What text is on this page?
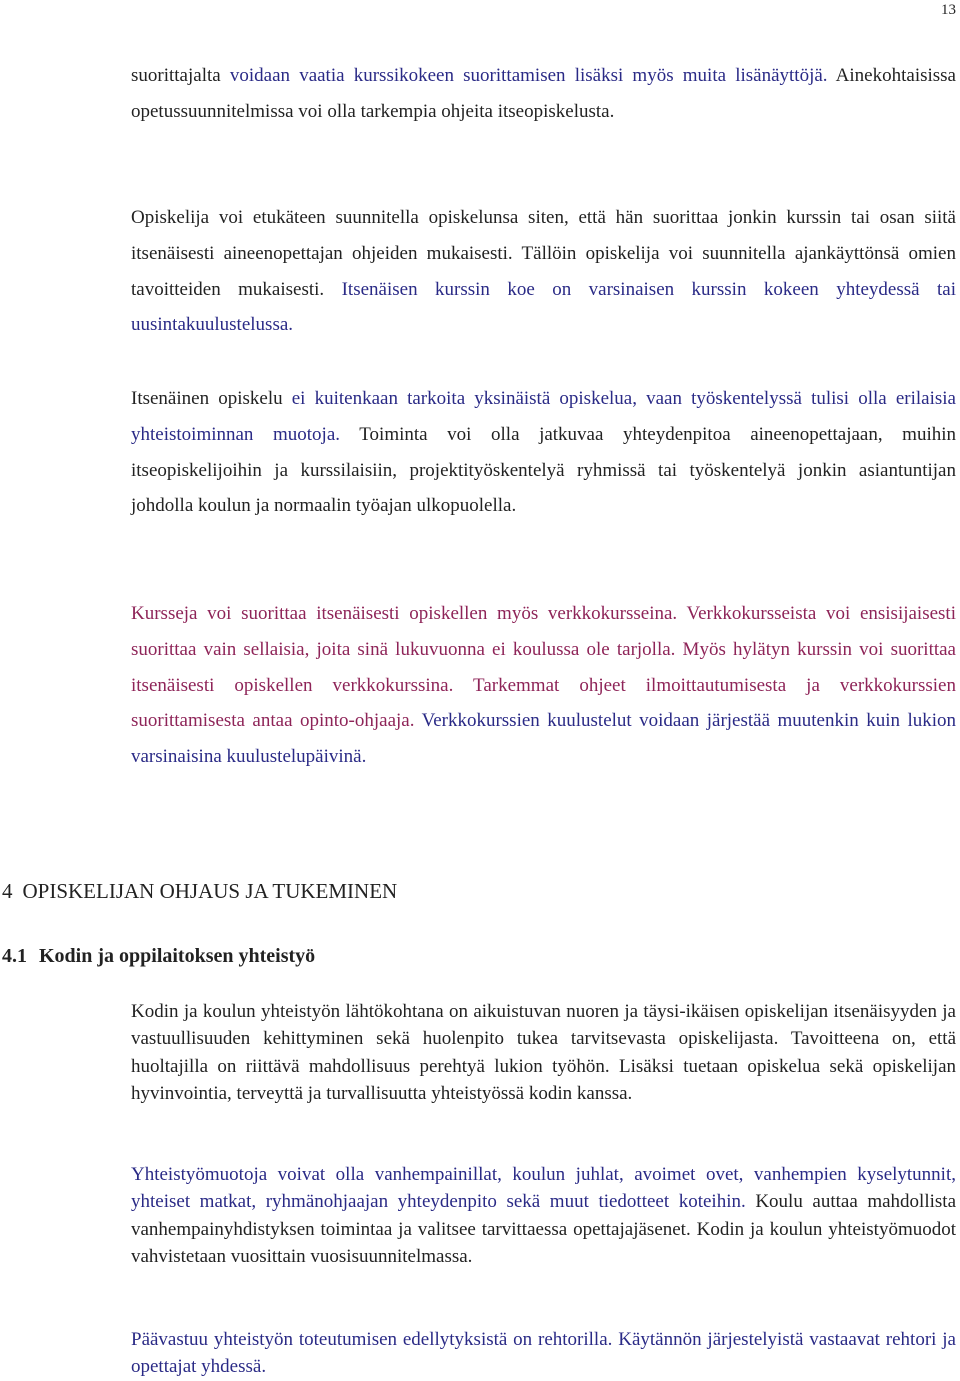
13

suorittajalta voidaan vaatia kurssikokeen suorittamisen lisäksi myös muita lisänäyttöjä. Ainekohtaisissa opetussuunnitelmissa voi olla tarkempia ohjeita itseopiskelusta.

Opiskelija voi etukäteen suunnitella opiskelunsa siten, että hän suorittaa jonkin kurssin tai osan siitä itsenäisesti aineenopettajan ohjeiden mukaisesti. Tällöin opiskelija voi suunnitella ajankäyttönsä omien tavoitteiden mukaisesti. Itsenäisen kurssin koe on varsinaisen kurssin kokeen yhteydessä tai uusintakuulustelussa.

Itsenäinen opiskelu ei kuitenkaan tarkoita yksinäistä opiskelua, vaan työskentelyssä tulisi olla erilaisia yhteistoiminnan muotoja. Toiminta voi olla jatkuvaa yhteydenpitoa aineenopettajaan, muihin itseopiskelijoihin ja kurssilaisiin, projektityöskentelyä ryhmissä tai työskentelyä jonkin asiantuntijan johdolla koulun ja normaalin työajan ulkopuolella.

Kursseja voi suorittaa itsenäisesti opiskellen myös verkkokursseina. Verkkokursseista voi ensisijaisesti suorittaa vain sellaisia, joita sinä lukuvuonna ei koulussa ole tarjolla. Myös hylätyn kurssin voi suorittaa itsenäisesti opiskellen verkkokurssina. Tarkemmat ohjeet ilmoittautumisesta ja verkkokurssien suorittamisesta antaa opinto-ohjaaja. Verkkokurssien kuulustelut voidaan järjestää muutenkin kuin lukion varsinaisina kuulustelupäivinä.

4 OPISKELIJAN OHJAUS JA TUKEMINEN
4.1 Kodin ja oppilaitoksen yhteistyö

Kodin ja koulun yhteistyön lähtökohtana on aikuistuvan nuoren ja täysi-ikäisen opiskelijan itsenäisyyden ja vastuullisuuden kehittyminen sekä huolenpito tukea tarvitsevasta opiskelijasta. Tavoitteena on, että huoltajilla on riittävä mahdollisuus perehtyä lukion työhön. Lisäksi tuetaan opiskelua sekä opiskelijan hyvinvointia, terveyttä ja turvallisuutta yhteistyössä kodin kanssa.

Yhteistyömuotoja voivat olla vanhempainillat, koulun juhlat, avoimet ovet, vanhempien kyselytunnit, yhteiset matkat, ryhmänohjaajan yhteydenpito sekä muut tiedotteet koteihin. Koulu auttaa mahdollista vanhempainyhdistyksen toimintaa ja valitsee tarvittaessa opettajajäsenet. Kodin ja koulun yhteistyömuodot vahvistetaan vuosittain vuosisuunnitelmassa.

Päävastuu yhteistyön toteutumisen edellytyksistä on rehtorilla. Käytännön järjestelyistä vastaavat rehtori ja opettajat yhdessä.
